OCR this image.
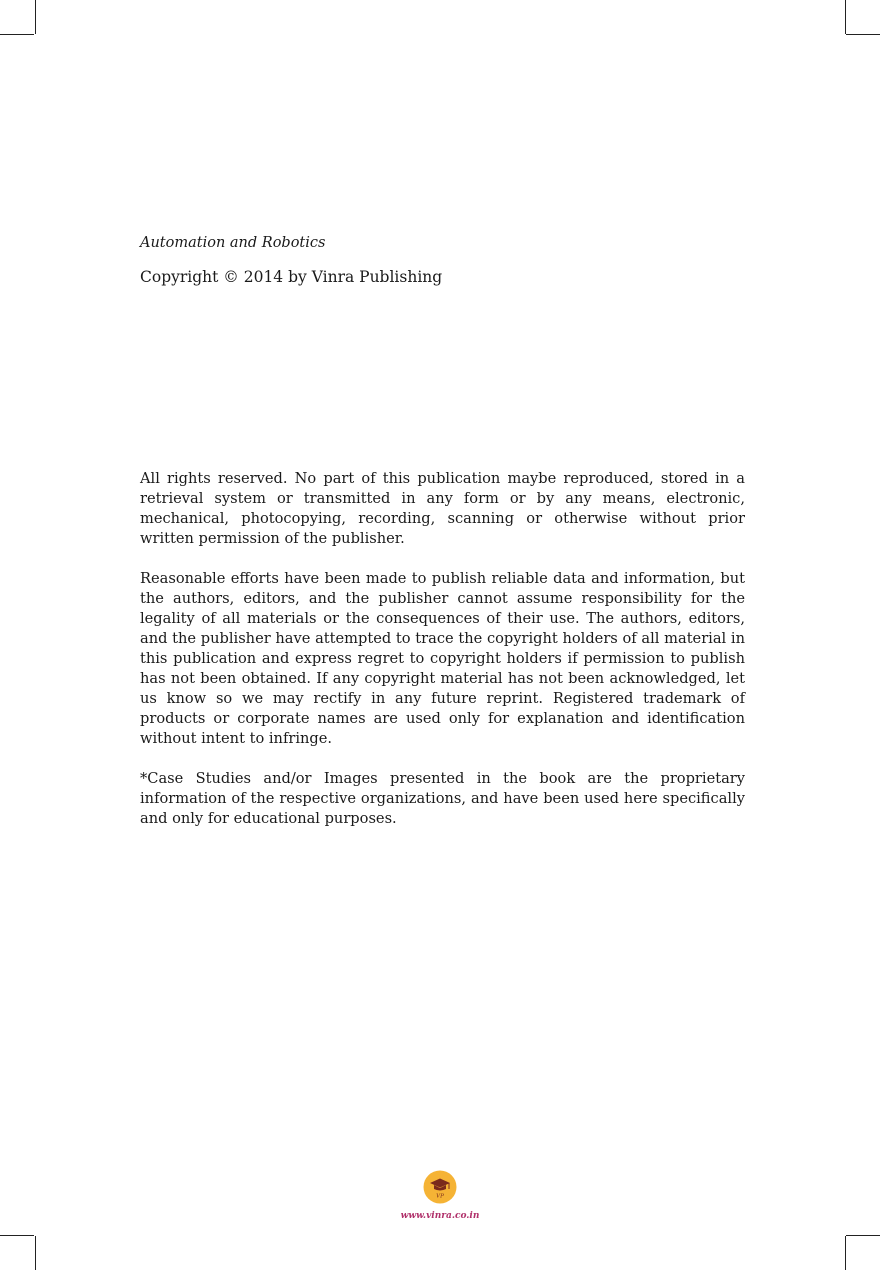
Automation and Robotics
Copyright © 2014 by Vinra Publishing

All rights reserved. No part of this publication maybe reproduced, stored in a retrieval system or transmitted in any form or by any means, electronic, mechanical, photocopying, recording, scanning or otherwise without prior written permission of the publisher.

Reasonable efforts have been made to publish reliable data and information, but the authors, editors, and the publisher cannot assume responsibility for the legality of all materials or the consequences of their use. The authors, editors, and the publisher have attempted to trace the copyright holders of all material in this publication and express regret to copyright holders if permission to publish has not been obtained. If any copyright material has not been acknowledged, let us know so we may rectify in any future reprint. Registered trademark of products or corporate names are used only for explanation and identification without intent to infringe.

*Case Studies and/or Images presented in the book are the proprietary information of the respective organizations, and have been used here specifically and only for educational purposes.

VP
www.vinra.co.in
